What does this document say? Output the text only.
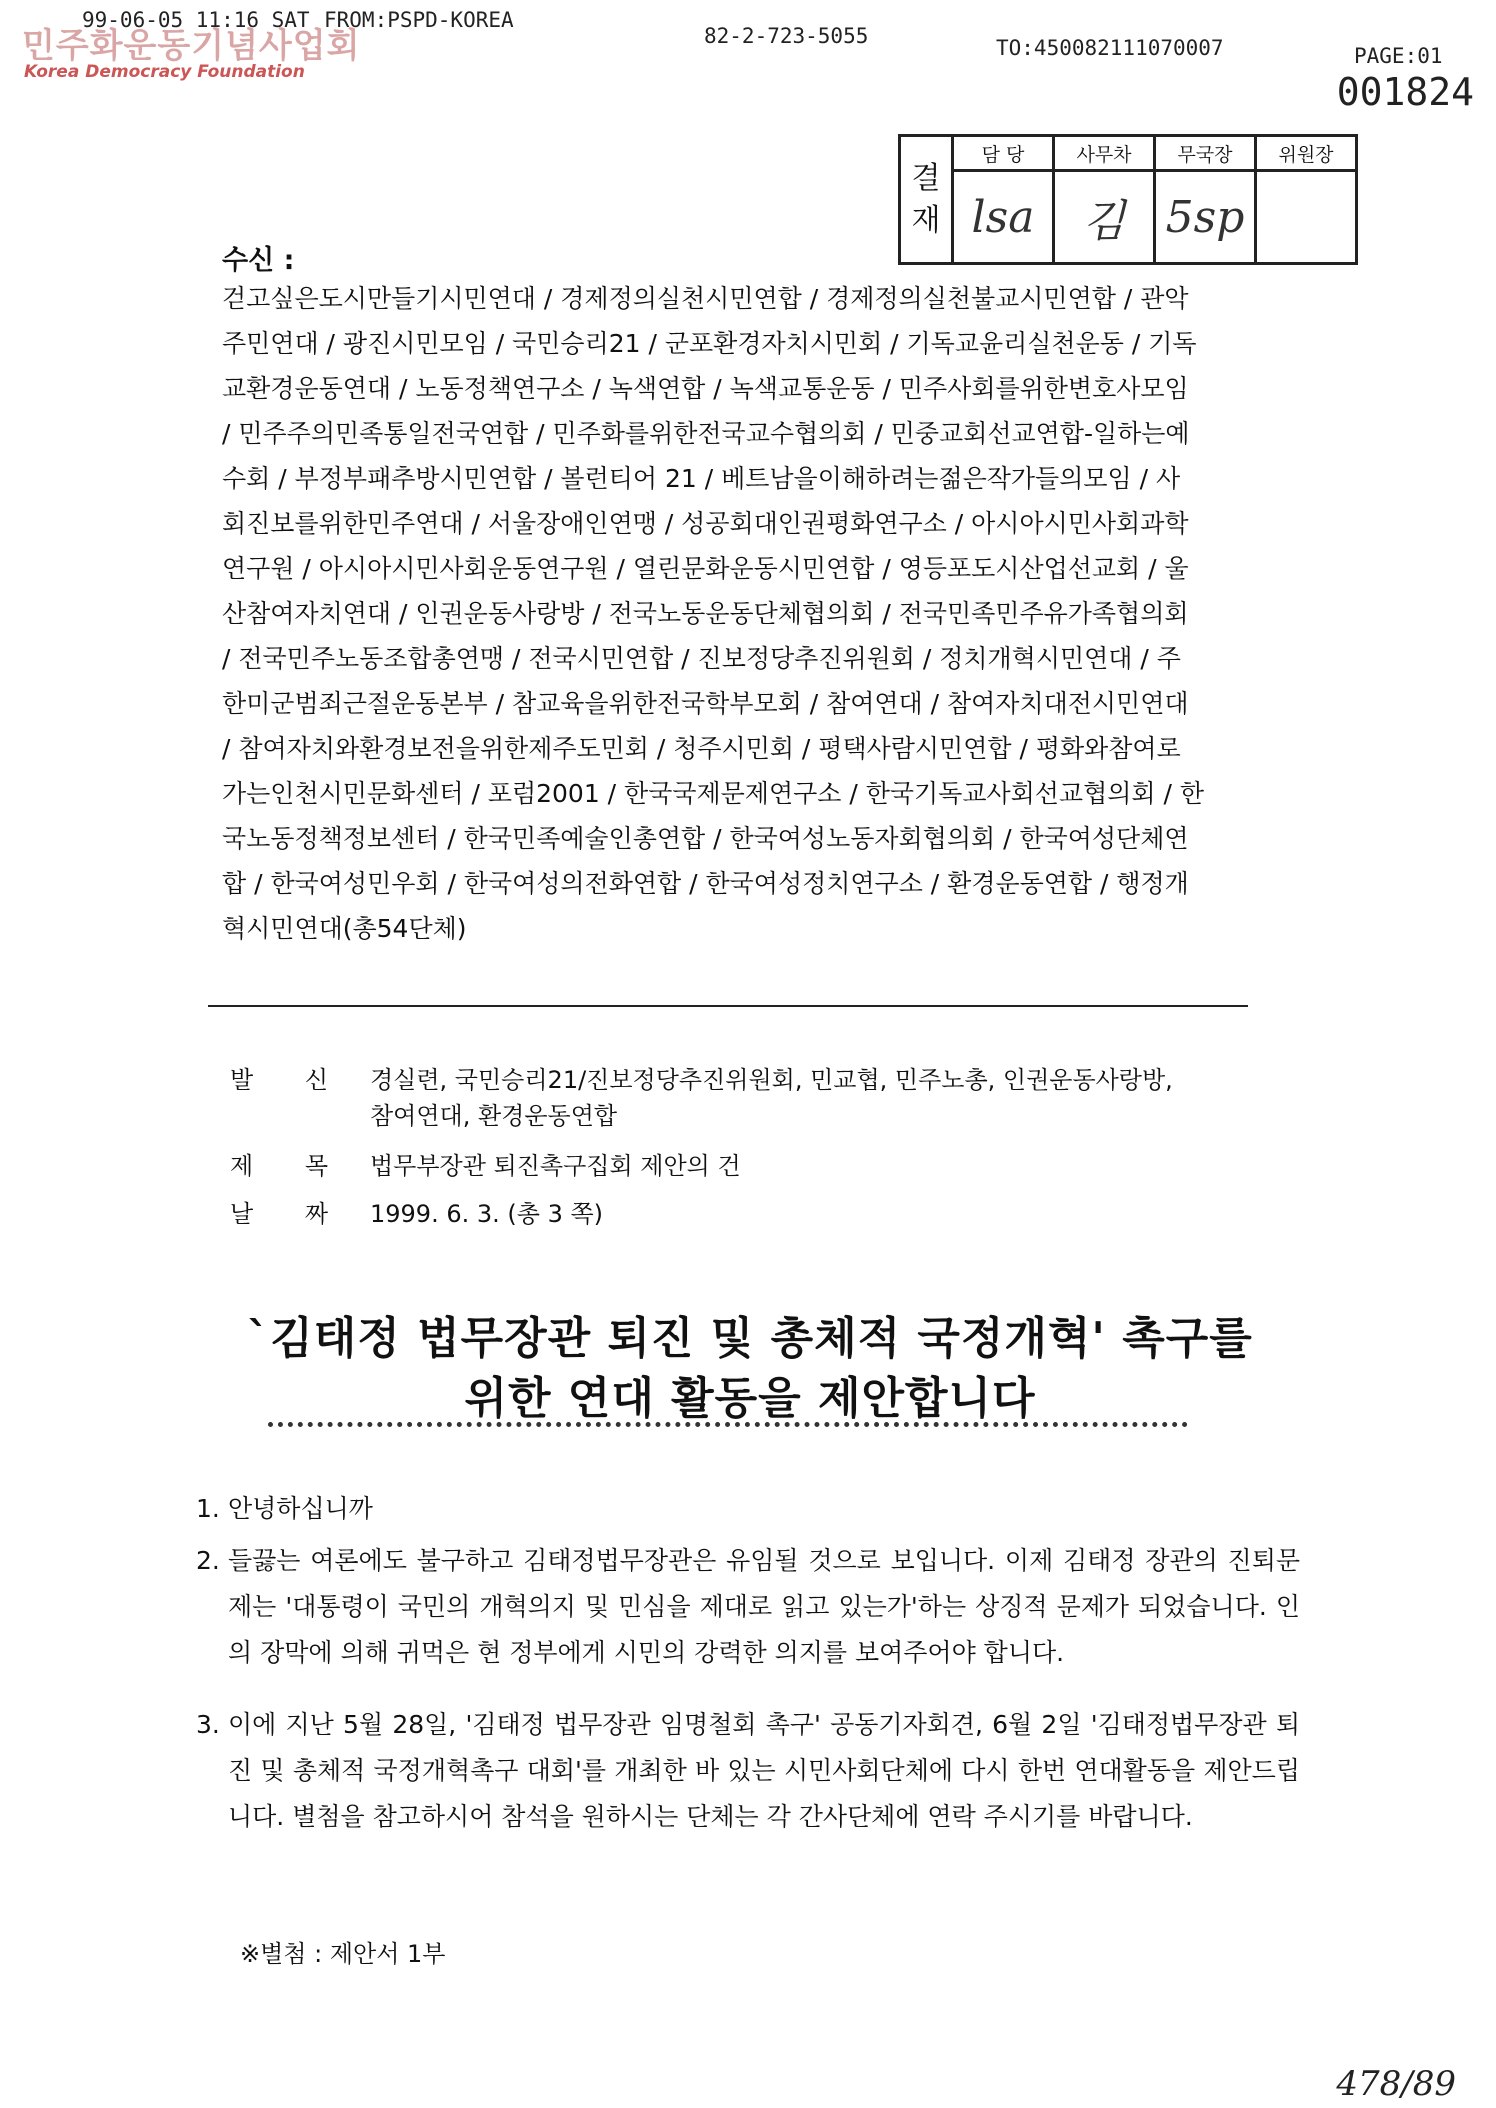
99-06-05 11:16 SAT FROM:PSPD-KOREA
82-2-723-5055	TO:450082111070007	PAGE:01
민주화운동기념사업회
Korea Democracy Foundation	001824
결
재	담 당	사무차	무국장	위원장
	lsa	김	5sp	
수신 :
걷고싶은도시만들기시민연대 / 경제정의실천시민연합 / 경제정의실천불교시민연합 / 관악
주민연대 / 광진시민모임 / 국민승리21 / 군포환경자치시민회 / 기독교윤리실천운동 / 기독
교환경운동연대 / 노동정책연구소 / 녹색연합 / 녹색교통운동 / 민주사회를위한변호사모임
/ 민주주의민족통일전국연합 / 민주화를위한전국교수협의회 / 민중교회선교연합-일하는예
수회 / 부정부패추방시민연합 / 볼런티어 21 / 베트남을이해하려는젊은작가들의모임 / 사
회진보를위한민주연대 / 서울장애인연맹 / 성공회대인권평화연구소 / 아시아시민사회과학
연구원 / 아시아시민사회운동연구원 / 열린문화운동시민연합 / 영등포도시산업선교회 / 울
산참여자치연대 / 인권운동사랑방 / 전국노동운동단체협의회 / 전국민족민주유가족협의회
/ 전국민주노동조합총연맹 / 전국시민연합 / 진보정당추진위원회 / 정치개혁시민연대 / 주
한미군범죄근절운동본부 / 참교육을위한전국학부모회 / 참여연대 / 참여자치대전시민연대
/ 참여자치와환경보전을위한제주도민회 / 청주시민회 / 평택사람시민연합 / 평화와참여로
가는인천시민문화센터 / 포럼2001 / 한국국제문제연구소 / 한국기독교사회선교협의회 / 한
국노동정책정보센터 / 한국민족예술인총연합 / 한국여성노동자회협의회 / 한국여성단체연
합 / 한국여성민우회 / 한국여성의전화연합 / 한국여성정치연구소 / 환경운동연합 / 행정개
혁시민연대(총54단체)
발 신 경실련, 국민승리21/진보정당추진위원회, 민교협, 민주노총, 인권운동사랑방,
참여연대, 환경운동연합
제 목 법무부장관 퇴진촉구집회 제안의 건
날 짜 1999. 6. 3. (총 3 쪽)
`김태정 법무장관 퇴진 및 총체적 국정개혁' 촉구를
위한 연대 활동을 제안합니다
1. 안녕하십니까
2. 들끓는 여론에도 불구하고 김태정법무장관은 유임될 것으로 보입니다. 이제 김태정 장관의 진퇴문제는 '대통령이 국민의 개혁의지 및 민심을 제대로 읽고 있는가'하는 상징적 문제가 되었습니다. 인의 장막에 의해 귀먹은 현 정부에게 시민의 강력한 의지를 보여주어야 합니다.
3. 이에 지난 5월 28일, '김태정 법무장관 임명철회 촉구' 공동기자회견, 6월 2일 '김태정법무장관 퇴진 및 총체적 국정개혁촉구 대회'를 개최한 바 있는 시민사회단체에 다시 한번 연대활동을 제안드립니다. 별첨을 참고하시어 참석을 원하시는 단체는 각 간사단체에 연락 주시기를 바랍니다.
※별첨 : 제안서 1부
478/89
